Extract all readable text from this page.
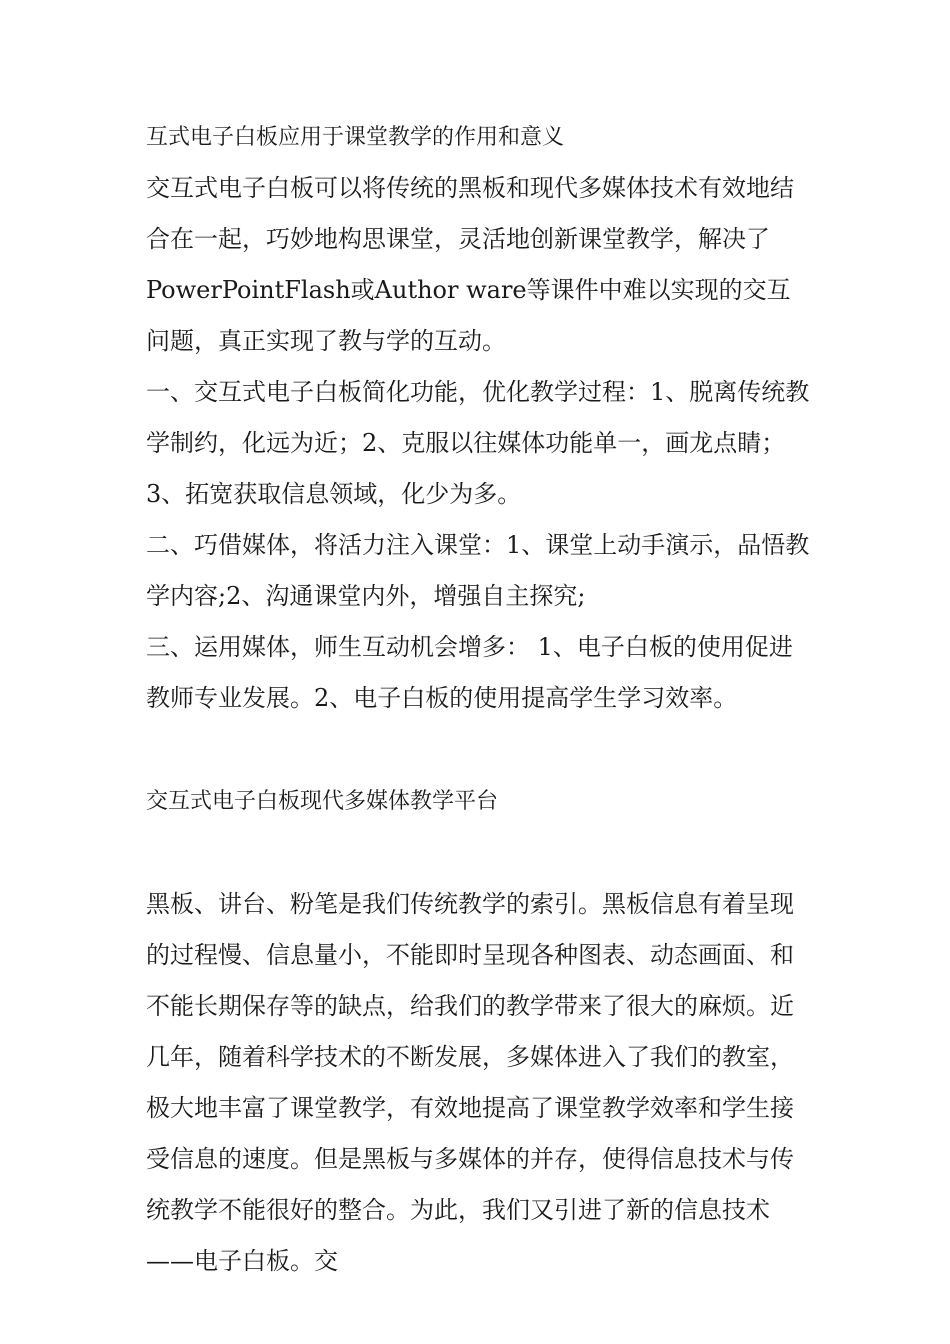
互式电子白板应用于课堂教学的作用和意义

交互式电子白板可以将传统的黑板和现代多媒体技术有效地结合在一起，巧妙地构思课堂，灵活地创新课堂教学，解决了PowerPointFlash或Author ware等课件中难以实现的交互问题，真正实现了教与学的互动。

一、交互式电子白板简化功能，优化教学过程：1、脱离传统教学制约，化远为近；2、克服以往媒体功能单一，画龙点睛；3、拓宽获取信息领域，化少为多。

二、巧借媒体，将活力注入课堂：1、课堂上动手演示，品悟教学内容;2、沟通课堂内外，增强自主探究;

三、运用媒体，师生互动机会增多： 1、电子白板的使用促进教师专业发展。2、电子白板的使用提高学生学习效率。

交互式电子白板现代多媒体教学平台

黑板、讲台、粉笔是我们传统教学的索引。黑板信息有着呈现的过程慢、信息量小，不能即时呈现各种图表、动态画面、和不能长期保存等的缺点，给我们的教学带来了很大的麻烦。近几年，随着科学技术的不断发展，多媒体进入了我们的教室，极大地丰富了课堂教学，有效地提高了课堂教学效率和学生接受信息的速度。但是黑板与多媒体的并存，使得信息技术与传统教学不能很好的整合。为此，我们又引进了新的信息技术——电子白板。交
